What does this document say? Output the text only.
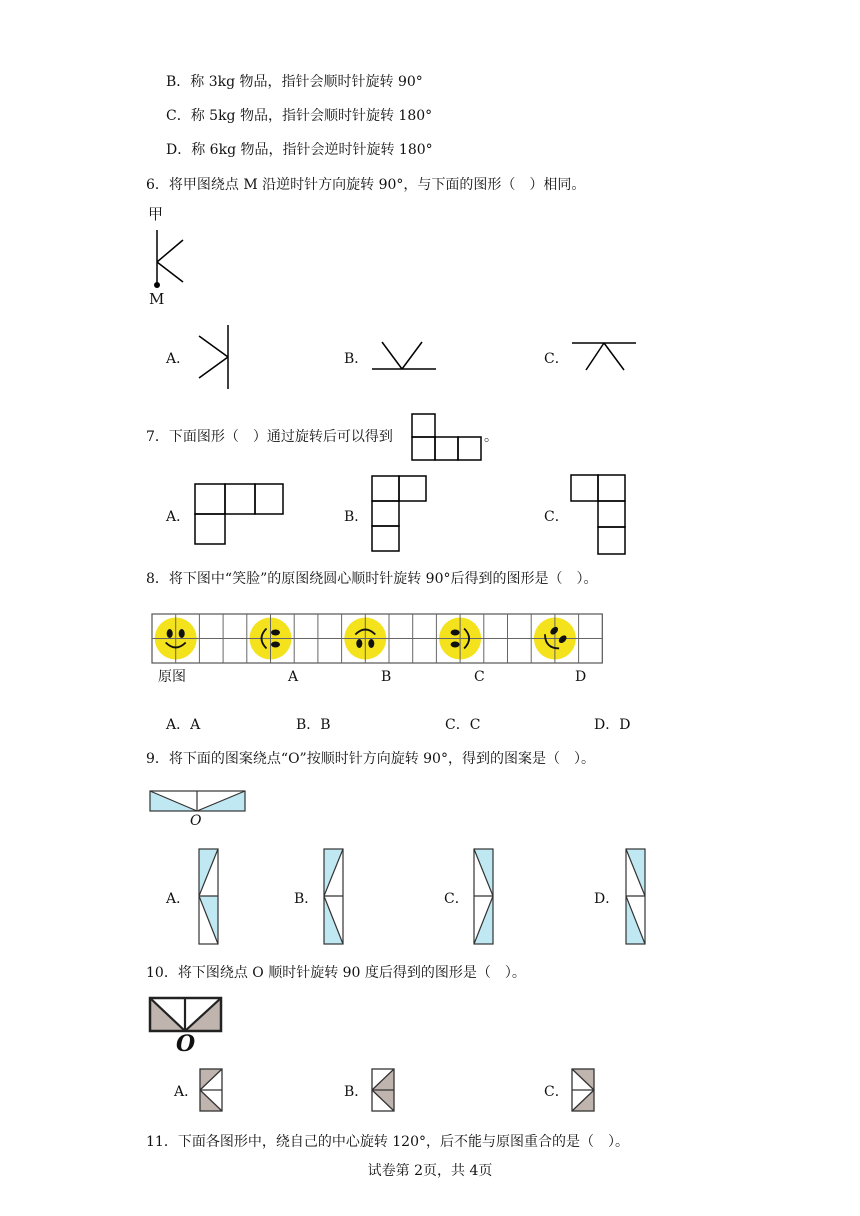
B．称 3kg 物品，指针会顺时针旋转 90°
C．称 5kg 物品，指针会顺时针旋转 180°
D．称 6kg 物品，指针会逆时针旋转 180°
6．将甲图绕点 M 沿逆时针方向旋转 90°，与下面的图形（　）相同。
甲
M
A．	B．	C．
7．下面图形（　）通过旋转后可以得到	。
A．	B．	C．
8．将下图中“笑脸”的原图绕圆心顺时针旋转 90°后得到的图形是（　）。
原图	A	B	C	D
A．A	B．B	C．C	D．D
9．将下面的图案绕点“O”按顺时针方向旋转 90°，得到的图案是（　）。
O
A．	B．	C．	D．
10．将下图绕点 O 顺时针旋转 90 度后得到的图形是（　）。
O
A．	B．	C．
11．下面各图形中，绕自己的中心旋转 120°，后不能与原图重合的是（　）。
试卷第 2页，共 4页
